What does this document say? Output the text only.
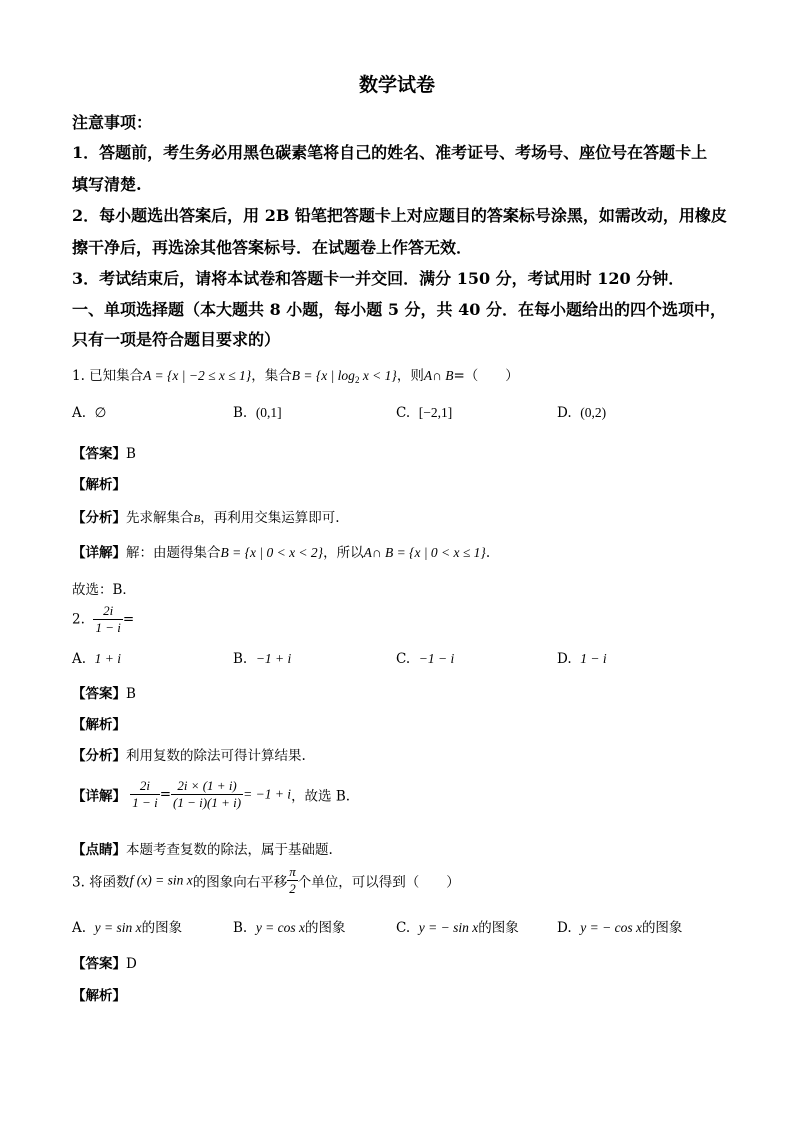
数学试卷
注意事项：
1．答题前，考生务必用黑色碳素笔将自己的姓名、准考证号、考场号、座位号在答题卡上
填写清楚.
2．每小题选出答案后，用 2B 铅笔把答题卡上对应题目的答案标号涂黑，如需改动，用橡皮
擦干净后，再选涂其他答案标号．在试题卷上作答无效．
3．考试结束后，请将本试卷和答题卡一并交回．满分 150 分，考试用时 120 分钟．
一、单项选择题（本大题共 8 小题，每小题 5 分，共 40 分．在每小题给出的四个选项中，
只有一项是符合题目要求的）
1. 已知集合A = {x | −2 ≤ x ≤ 1}，集合B = {x | $\log_2 x < 1$}，则A∩ B=（　　）
A. ∅	B. (0,1]	C. [−2,1]	D. (0,2)
【答案】B
【解析】
【分析】先求解集合B，再利用交集运算即可.
【详解】解：由题得集合B = {x | 0 < x < 2}，所以A∩ B = {x | 0 < x ≤ 1}.
故选：B．
2. $\frac{2i}{1 - i}$ =
A. 1 + i	B. −1 + i	C. −1 − i	D. 1 − i
【答案】B
【解析】
【分析】利用复数的除法可得计算结果.
【详解】 $\frac{2i}{1 - i} = \frac{2i \times (1 + i)}{(1 - i)(1 + i)} = -1 + i$，故选 B.
【点睛】本题考查复数的除法，属于基础题.
3. 将函数f (x) = sin x的图象向右平移 $\frac{\pi}{2}$ 个单位，可以得到（　　）
A. y = sin x的图象	B. y = cos x的图象	C. y = − sin x的图象	D. y = − cos x的图象
【答案】D
【解析】
